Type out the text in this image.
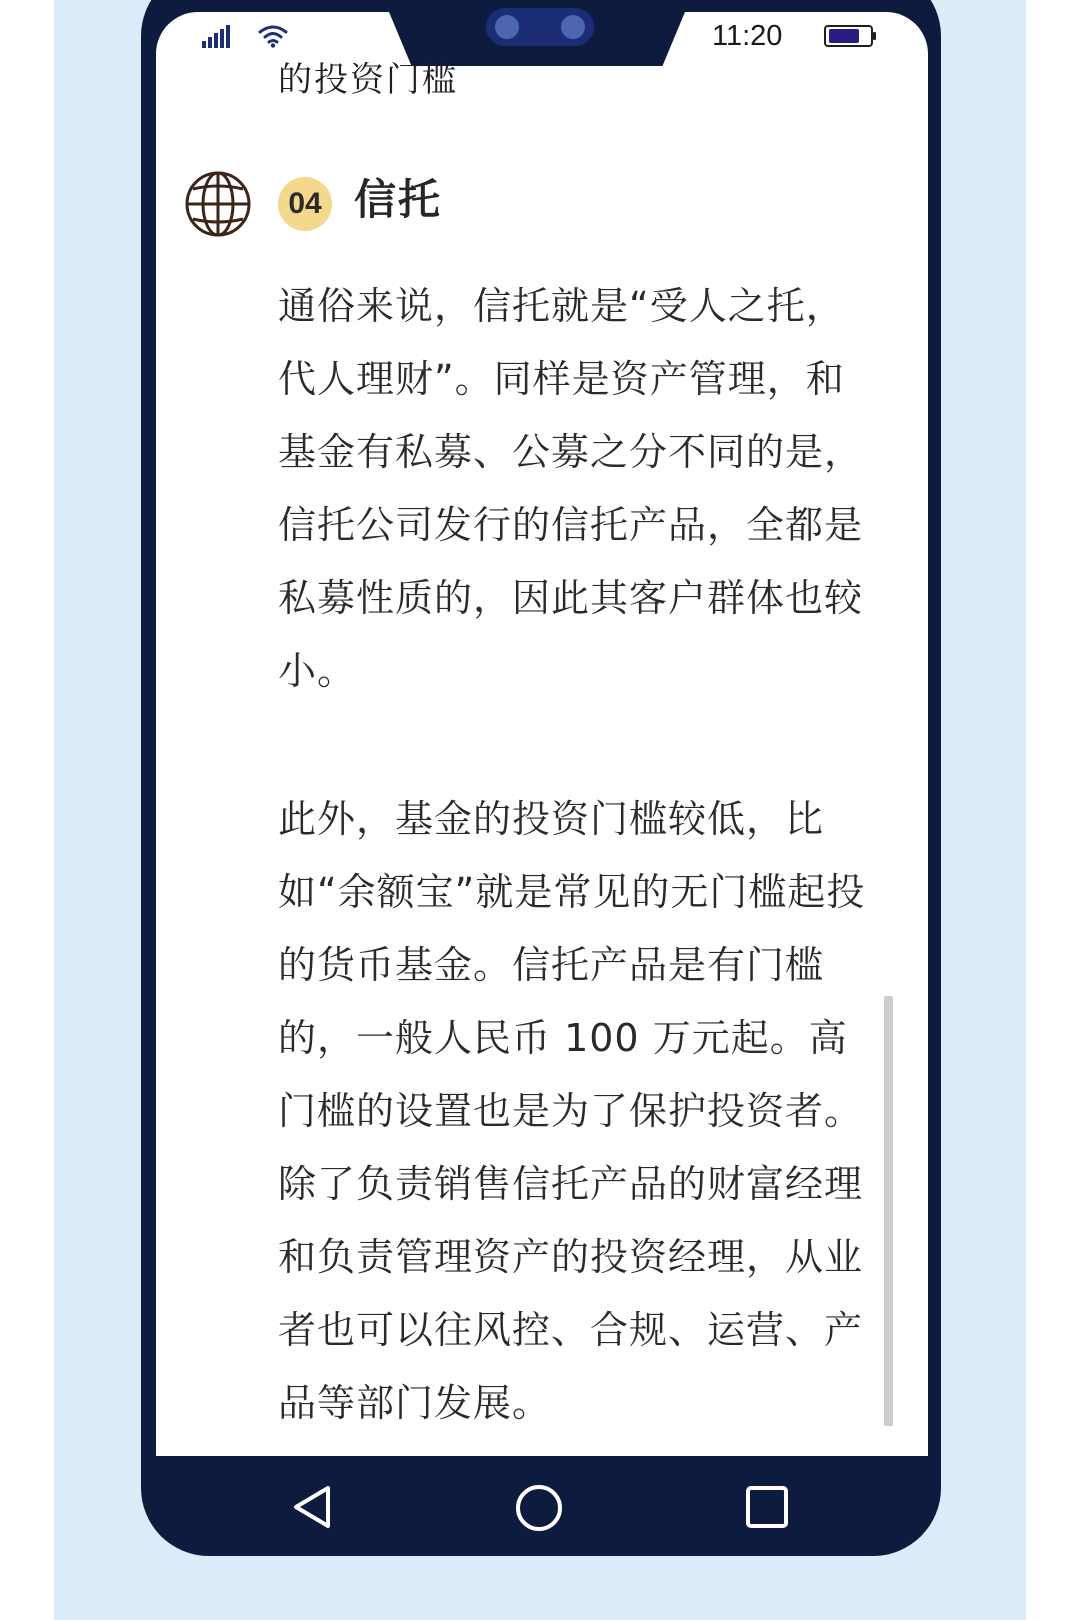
11:20
的投资门槛
04 信托
通俗来说，信托就是“受人之托，代人理财”。同样是资产管理，和基金有私募、公募之分不同的是，信托公司发行的信托产品，全都是私募性质的，因此其客户群体也较小。
此外，基金的投资门槛较低，比如“余额宝”就是常见的无门槛起投的货币基金。信托产品是有门槛的，一般人民币 100 万元起。高门槛的设置也是为了保护投资者。除了负责销售信托产品的财富经理和负责管理资产的投资经理，从业者也可以往风控、合规、运营、产品等部门发展。
